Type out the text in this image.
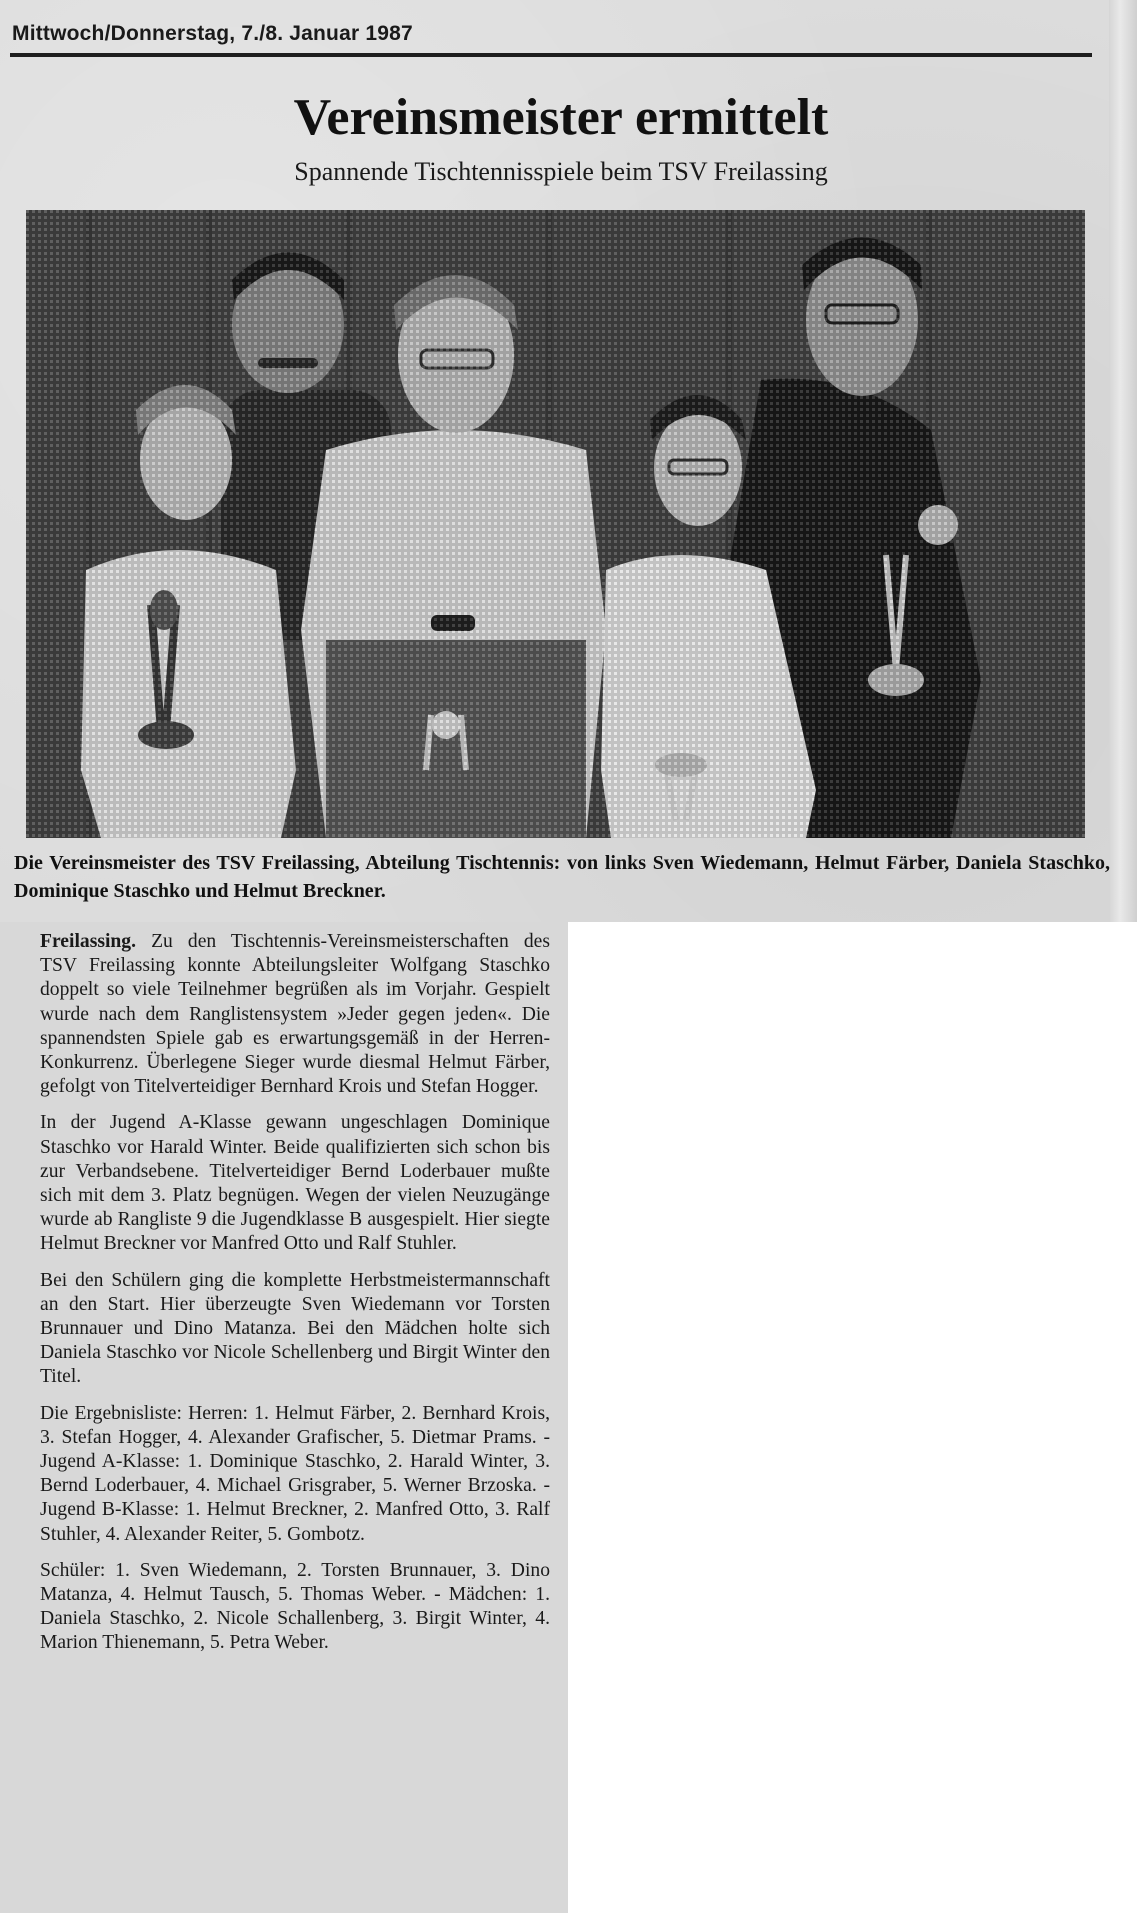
Mittwoch/Donnerstag, 7./8. Januar 1987
Vereinsmeister ermittelt
Spannende Tischtennisspiele beim TSV Freilassing

Die Vereinsmeister des TSV Freilassing, Abteilung Tischtennis: von links Sven Wiedemann, Helmut Färber, Daniela Staschko, Dominique Staschko und Helmut Breckner.

Freilassing. Zu den Tischtennis-Vereinsmeisterschaften des TSV Freilassing konnte Abteilungsleiter Wolfgang Staschko doppelt so viele Teilnehmer begrüßen als im Vorjahr. Gespielt wurde nach dem Ranglistensystem »Jeder gegen jeden«. Die spannendsten Spiele gab es erwartungsgemäß in der Herren-Konkurrenz. Überlegene Sieger wurde diesmal Helmut Färber, gefolgt von Titelverteidiger Bernhard Krois und Stefan Hogger.

In der Jugend A-Klasse gewann ungeschlagen Dominique Staschko vor Harald Winter. Beide qualifizierten sich schon bis zur Verbandsebene. Titelverteidiger Bernd Loderbauer mußte sich mit dem 3. Platz begnügen. Wegen der vielen Neuzugänge wurde ab Rangliste 9 die Jugendklasse B ausgespielt. Hier siegte Helmut Breckner vor Manfred Otto und Ralf Stuhler.

Bei den Schülern ging die komplette Herbstmeistermannschaft an den Start. Hier überzeugte Sven Wiedemann vor Torsten Brunnauer und Dino Matanza. Bei den Mädchen holte sich Daniela Staschko vor Nicole Schellenberg und Birgit Winter den Titel.

Die Ergebnisliste: Herren: 1. Helmut Färber, 2. Bernhard Krois, 3. Stefan Hogger, 4. Alexander Grafischer, 5. Dietmar Prams. - Jugend A-Klasse: 1. Dominique Staschko, 2. Harald Winter, 3. Bernd Loderbauer, 4. Michael Grisgraber, 5. Werner Brzoska. - Jugend B-Klasse: 1. Helmut Breckner, 2. Manfred Otto, 3. Ralf Stuhler, 4. Alexander Reiter, 5. Gombotz.

Schüler: 1. Sven Wiedemann, 2. Torsten Brunnauer, 3. Dino Matanza, 4. Helmut Tausch, 5. Thomas Weber. - Mädchen: 1. Daniela Staschko, 2. Nicole Schallenberg, 3. Birgit Winter, 4. Marion Thienemann, 5. Petra Weber.
